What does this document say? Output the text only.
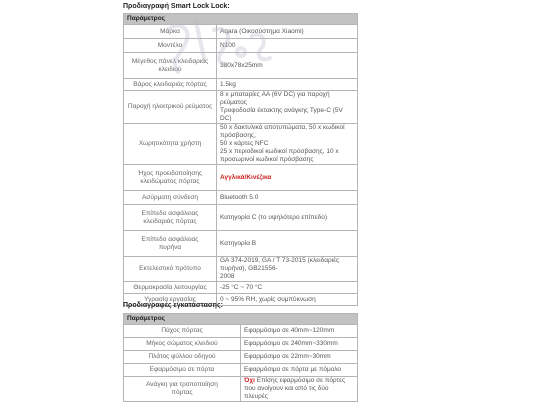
Προδιαγραφή Smart Lock Lock:
Παράμετρος	
Μάρκα	Aqara (Οικοσύστημα Xiaomi)
Μοντέλο	N100
Μέγεθος πάνελ κλειδαριάς
κλειδιού	380x78x25mm
Βάρος κλειδαριάς πόρτας	1.5kg
Παροχή ηλεκτρικού ρεύματος	8 x μπαταρίες AA (6V DC) για παροχή ρεύματος
Τροφοδοσία έκτακτης ανάγκης Type-C (5V DC)
Χωρητικότητα χρήστη	50 x δακτυλικά αποτυπώματα, 50 x κωδικοί πρόσβασης,
50 x κάρτες NFC
25 x περιοδικοί κωδικοί πρόσβασης, 10 x
προσωρινοί κωδικοί πρόσβασης
Ήχος προειδοποίησης
κλειδώματος πόρτας	Αγγλικά/Κινέζικα
Ασύρματη σύνδεση	Bluetooth 5.0
Επίπεδο ασφάλειας
κλειδαριάς πόρτας	Κατηγορία C (το υψηλότερο επίπεδο)
Επίπεδο ασφάλειας
πυρήνα	Κατηγορία B
Εκτελεστικό πρότυπο	GA 374-2019, GA / T 73-2015 (κλειδαριές πυρήνα), GB21556-
2008
Θερμοκρασία λειτουργίας	-25 °C ~ 70 °C
Υγρασία εργασίας	0 ~ 95% RH, χωρίς συμπύκνωση
Προδιαγραφές εγκατάστασης:
Παράμετρος	
Πάχος πόρτας	Εφαρμόσιμο σε 40mm~120mm
Μήκος σώματος κλειδιού	Εφαρμόσιμο σε 240mm~330mm
Πλάτος φύλλου οδηγού	Εφαρμόσιμο σε 22mm~30mm
Εφαρμόσιμο σε πόρτα	Εφαρμόσιμο σε πόρτα με πόμολο
Ανάγκη για τροποποίηση
πόρτας	Όχι Επίσης εφαρμόσιμο σε πόρτες που ανοίγουν και από τις δύο πλευρές
